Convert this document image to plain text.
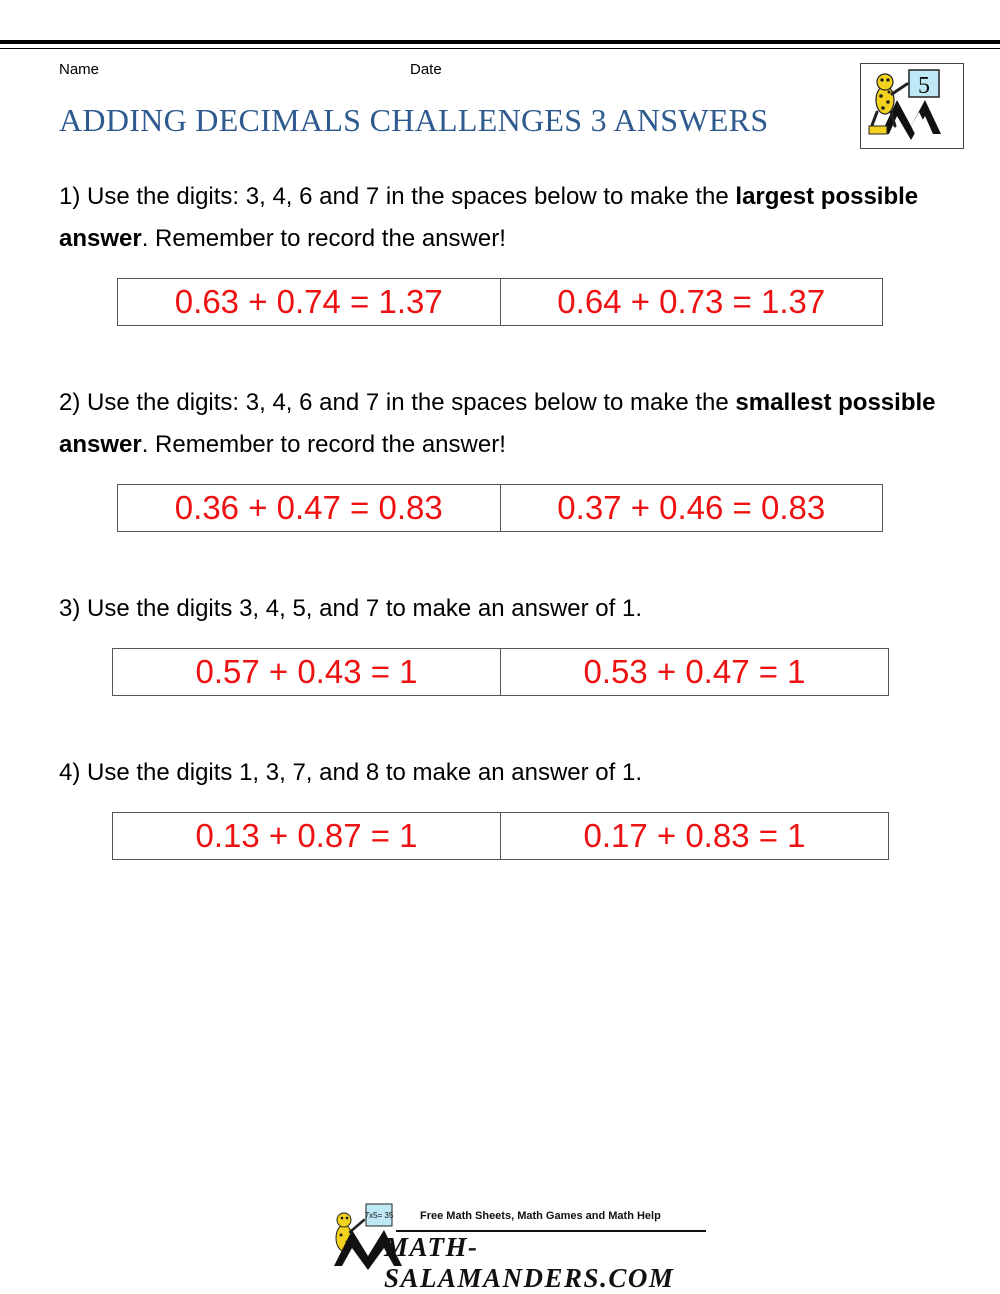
Name	Date
ADDING DECIMALS CHALLENGES 3 ANSWERS
5

1) Use the digits: 3, 4, 6 and 7 in the spaces below to make the largest possible answer. Remember to record the answer!

0.63 + 0.74 = 1.37	0.64 + 0.73 = 1.37

2) Use the digits: 3, 4, 6 and 7 in the spaces below to make the smallest possible answer. Remember to record the answer!

0.36 + 0.47 = 0.83	0.37 + 0.46 = 0.83

3) Use the digits 3, 4, 5, and 7 to make an answer of 1.

0.57 + 0.43 = 1	0.53 + 0.47 = 1

4) Use the digits 1, 3, 7, and 8 to make an answer of 1.

0.13 + 0.87 = 1	0.17 + 0.83 = 1
7x5= 35 Free Math Sheets, Math Games and Math Help
MATH-SALAMANDERS.COM
